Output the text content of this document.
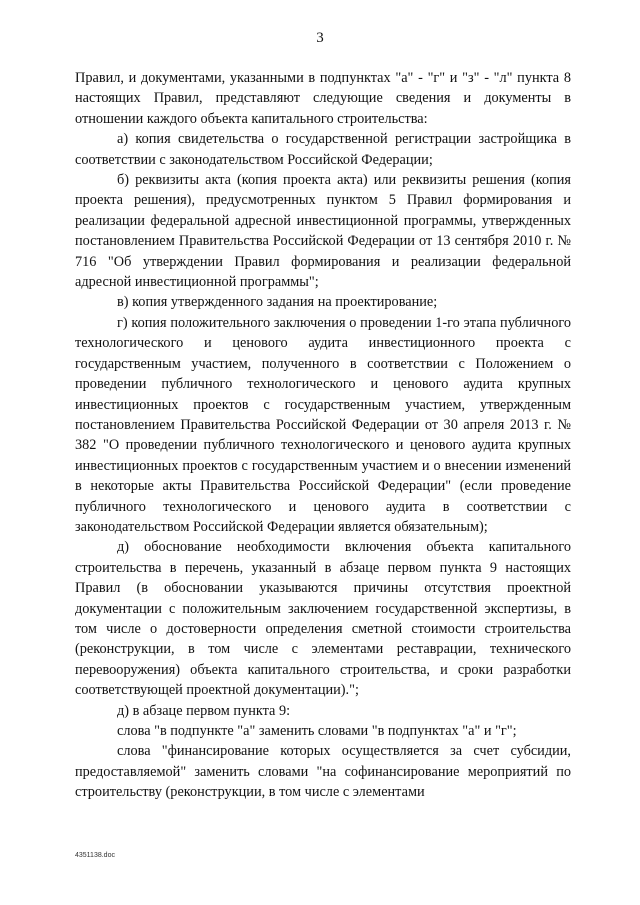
3

Правил, и документами, указанными в подпунктах "а" - "г" и "з" - "л" пункта 8 настоящих Правил, представляют следующие сведения и документы в отношении каждого объекта капитального строительства:

а) копия свидетельства о государственной регистрации застройщика в соответствии с законодательством Российской Федерации;

б) реквизиты акта (копия проекта акта) или реквизиты решения (копия проекта решения), предусмотренных пунктом 5 Правил формирования и реализации федеральной адресной инвестиционной программы, утвержденных постановлением Правительства Российской Федерации от 13 сентября 2010 г. № 716 "Об утверждении Правил формирования и реализации федеральной адресной инвестиционной программы";

в) копия утвержденного задания на проектирование;

г) копия положительного заключения о проведении 1-го этапа публичного технологического и ценового аудита инвестиционного проекта с государственным участием, полученного в соответствии с Положением о проведении публичного технологического и ценового аудита крупных инвестиционных проектов с государственным участием, утвержденным постановлением Правительства Российской Федерации от 30 апреля 2013 г. № 382 "О проведении публичного технологического и ценового аудита крупных инвестиционных проектов с государственным участием и о внесении изменений в некоторые акты Правительства Российской Федерации" (если проведение публичного технологического и ценового аудита в соответствии с законодательством Российской Федерации является обязательным);

д) обоснование необходимости включения объекта капитального строительства в перечень, указанный в абзаце первом пункта 9 настоящих Правил (в обосновании указываются причины отсутствия проектной документации с положительным заключением государственной экспертизы, в том числе о достоверности определения сметной стоимости строительства (реконструкции, в том числе с элементами реставрации, технического перевооружения) объекта капитального строительства, и сроки разработки соответствующей проектной документации).";

д) в абзаце первом пункта 9:

слова "в подпункте "а" заменить словами "в подпунктах "а" и "г";

слова "финансирование которых осуществляется за счет субсидии, предоставляемой" заменить словами "на софинансирование мероприятий по строительству (реконструкции, в том числе с элементами

4351138.doc
